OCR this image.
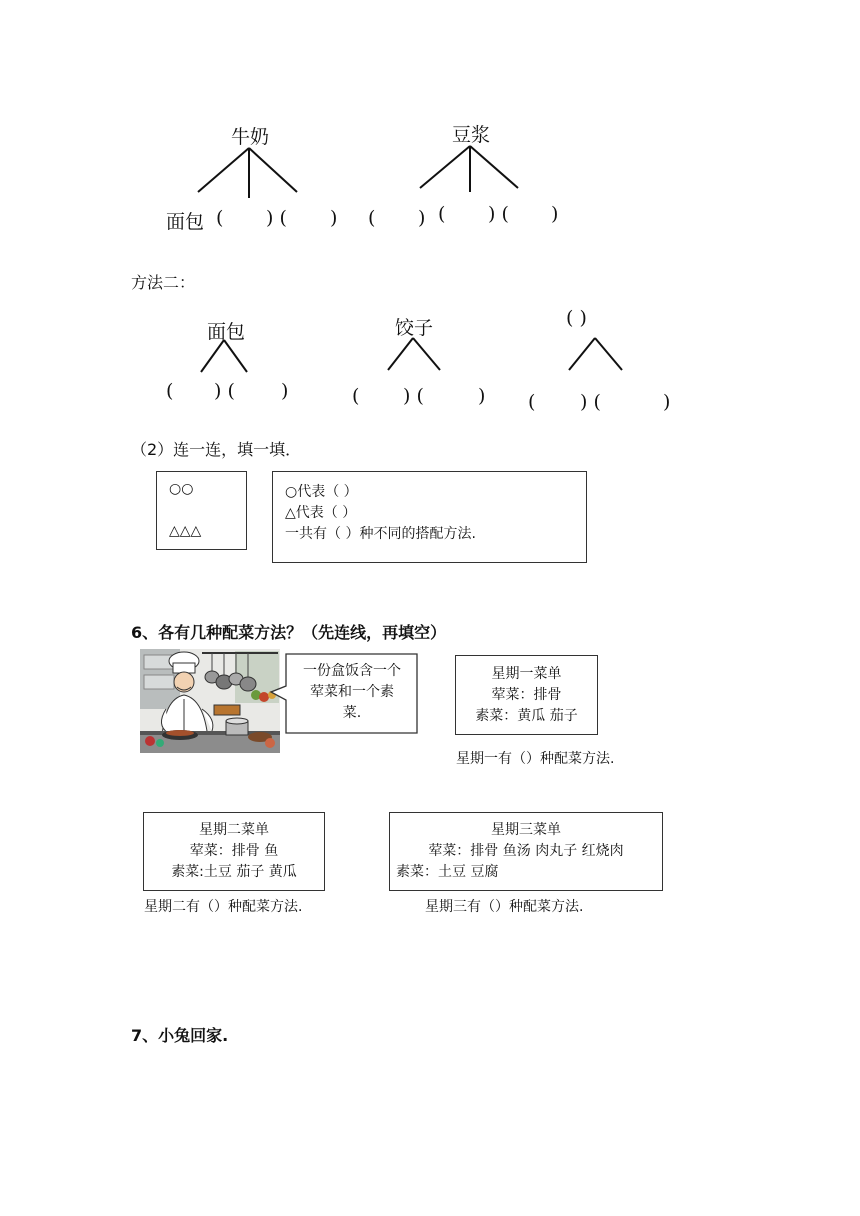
牛奶	豆浆
面包 ( ) ( ) ( ) ( ) ( )
方法二：
面包	饺子	( )
( ) ( )	( ) (	) ( ) (	)
（2）连一连，填一填．
○○
△△△
○代表（ ）
△代表（ ）
一共有（ ）种不同的搭配方法.
6、各有几种配菜方法？（先连线，再填空）
一份盒饭含一个
荤菜和一个素
菜.
星期一菜单
荤菜：排骨
素菜：黄瓜 茄子
星期一有（）种配菜方法.
星期二菜单
荤菜：排骨 鱼
素菜:土豆 茄子 黄瓜
星期二有（）种配菜方法.
星期三菜单
荤菜：排骨 鱼汤 肉丸子 红烧肉
素菜：土豆 豆腐
星期三有（）种配菜方法.
7、小兔回家.
